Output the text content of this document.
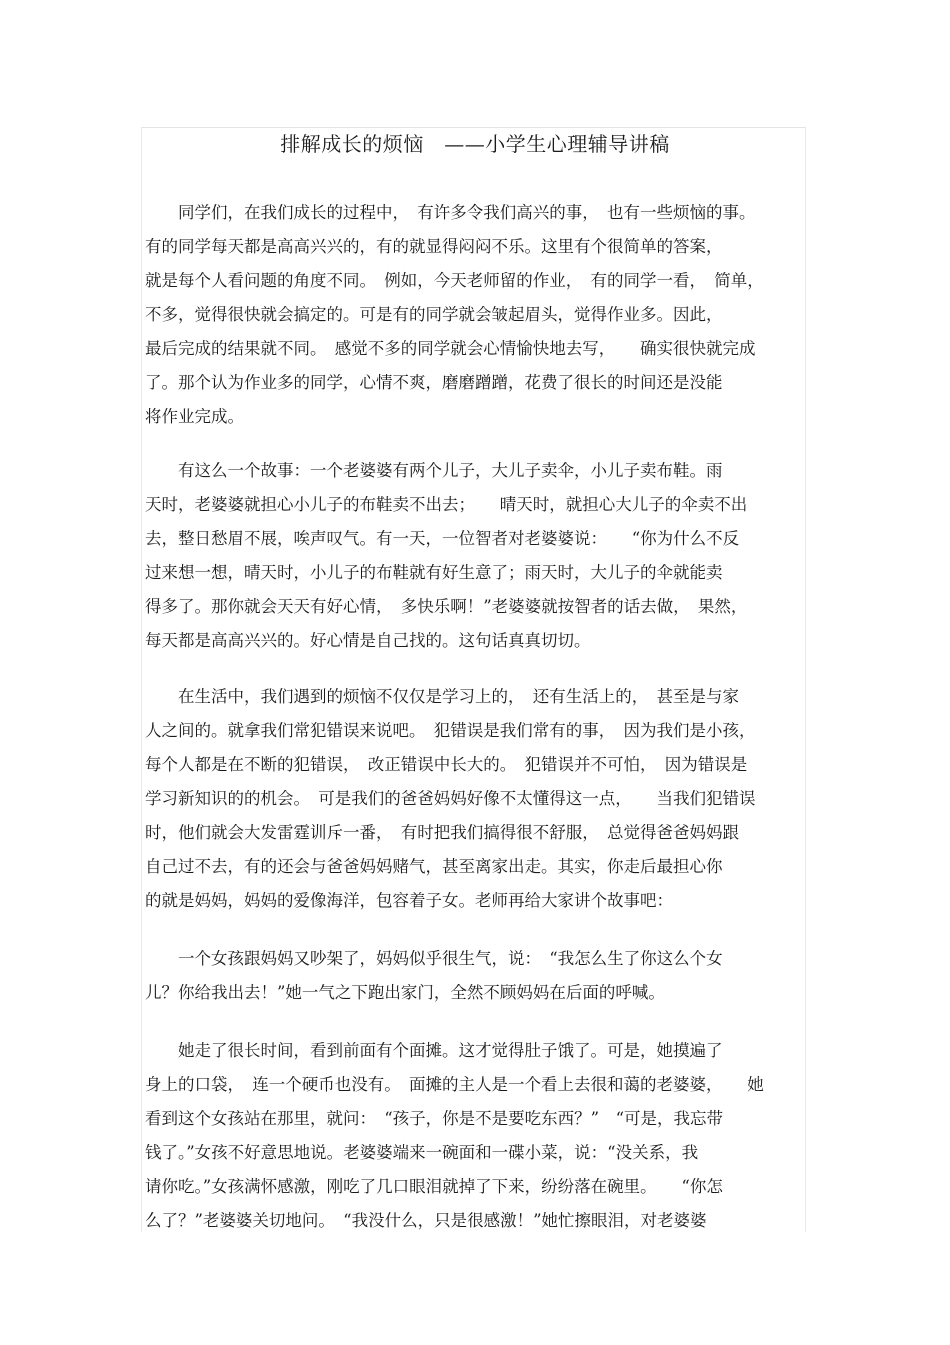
排解成长的烦恼　——小学生心理辅导讲稿
　　同学们，在我们成长的过程中，　有许多令我们高兴的事，　也有一些烦恼的事。
有的同学每天都是高高兴兴的，有的就显得闷闷不乐。这里有个很简单的答案，
就是每个人看问题的角度不同。　例如，今天老师留的作业，　有的同学一看，　简单，
不多，觉得很快就会搞定的。可是有的同学就会皱起眉头，觉得作业多。因此，
最后完成的结果就不同。　感觉不多的同学就会心情愉快地去写，　　确实很快就完成
了。那个认为作业多的同学，心情不爽，磨磨蹭蹭，花费了很长的时间还是没能
将作业完成。
　　有这么一个故事：一个老婆婆有两个儿子，大儿子卖伞，小儿子卖布鞋。雨
天时，老婆婆就担心小儿子的布鞋卖不出去；　　晴天时，就担心大儿子的伞卖不出
去，整日愁眉不展，唉声叹气。有一天，一位智者对老婆婆说：　　“你为什么不反
过来想一想，晴天时，小儿子的布鞋就有好生意了；雨天时，大儿子的伞就能卖
得多了。那你就会天天有好心情，　多快乐啊！”老婆婆就按智者的话去做，　果然，
每天都是高高兴兴的。好心情是自己找的。这句话真真切切。
　　在生活中，我们遇到的烦恼不仅仅是学习上的，　还有生活上的，　甚至是与家
人之间的。就拿我们常犯错误来说吧。　犯错误是我们常有的事，　因为我们是小孩，
每个人都是在不断的犯错误，　改正错误中长大的。　犯错误并不可怕，　因为错误是
学习新知识的的机会。　可是我们的爸爸妈妈好像不太懂得这一点，　　当我们犯错误
时，他们就会大发雷霆训斥一番，　有时把我们搞得很不舒服，　总觉得爸爸妈妈跟
自己过不去，有的还会与爸爸妈妈赌气，甚至离家出走。其实，你走后最担心你
的就是妈妈，妈妈的爱像海洋，包容着子女。老师再给大家讲个故事吧：
　　一个女孩跟妈妈又吵架了，妈妈似乎很生气，说：　“我怎么生了你这么个女
儿？你给我出去！”她一气之下跑出家门，全然不顾妈妈在后面的呼喊。
　　她走了很长时间，看到前面有个面摊。这才觉得肚子饿了。可是，她摸遍了
身上的口袋，　连一个硬币也没有。　面摊的主人是一个看上去很和蔼的老婆婆，　　她
看到这个女孩站在那里，就问：　“孩子，你是不是要吃东西？”　“可是，我忘带
钱了。”女孩不好意思地说。老婆婆端来一碗面和一碟小菜，说：“没关系，我
请你吃。”女孩满怀感激，刚吃了几口眼泪就掉了下来，纷纷落在碗里。　　“你怎
么了？”老婆婆关切地问。　“我没什么，只是很感激！”她忙擦眼泪，对老婆婆
